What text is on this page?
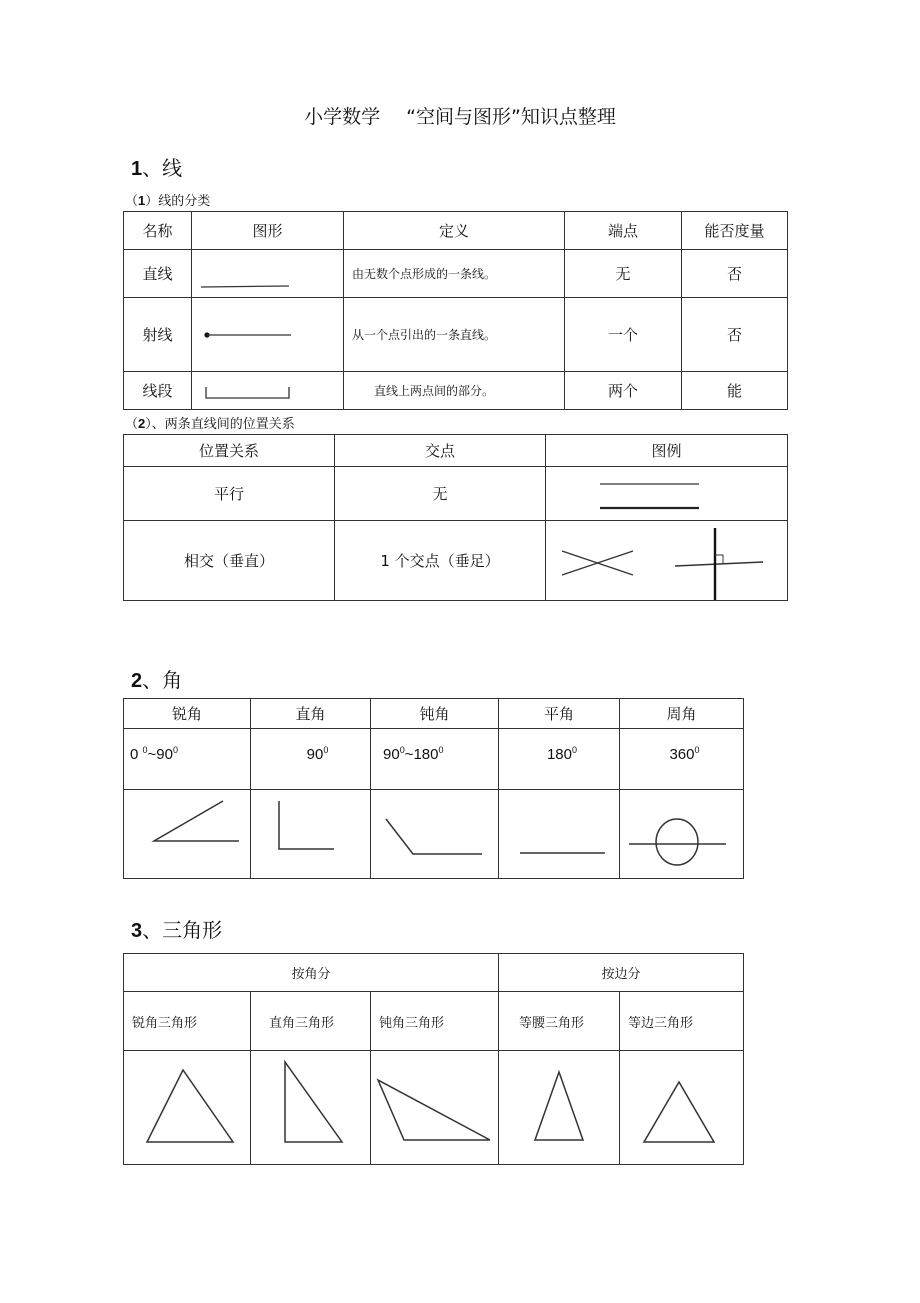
小学数学 “空间与图形”知识点整理
1、线
（1）线的分类
名称	图形	定义	端点	能否度量
直线		由无数个点形成的一条线。	无	否
射线		从一个点引出的一条直线。	一个	否
线段		直线上两点间的部分。	两个	能
（2）、两条直线间的位置关系
位置关系	交点	图例
平行	无	

相交（垂直）	1 个交点（垂足）	
2、角
锐角	直角	钝角	平角	周角
0 $^0\sim 90^0$	$90^0$	$90^0\sim 180^0$	$180^0$	$360^0$

3、三角形
按角分			按边分	
锐角三角形	直角三角形	钝角三角形	等腰三角形	等边三角形
